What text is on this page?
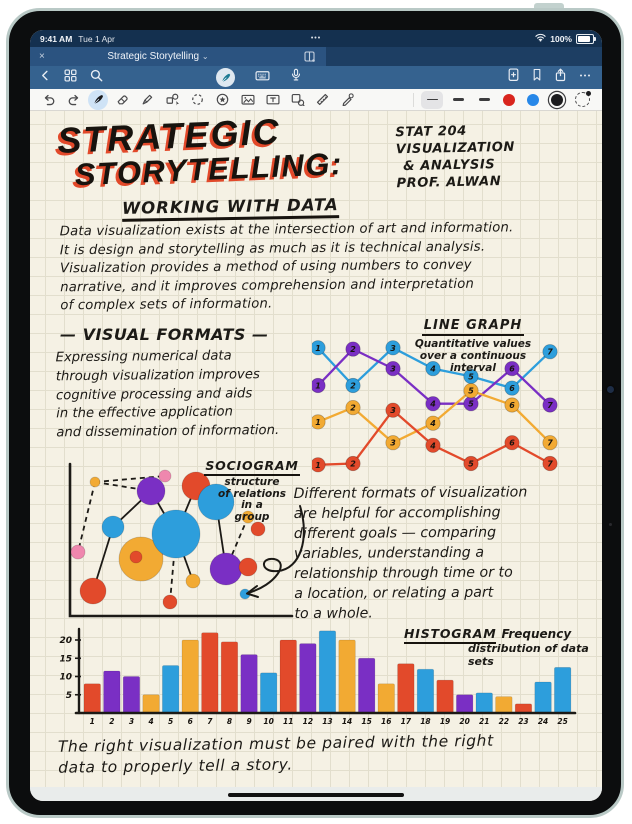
9:41 AM Tue 1 Apr	•••	100%
×	Strategic Storytelling ⌄
STRATEGIC
STORYTELLING:
WORKING WITH DATA
STAT 204
VISUALIZATION
& ANALYSIS
PROF. ALWAN
Data visualization exists at the intersection of art and information.
It is design and storytelling as much as it is technical analysis.
Visualization provides a method of using numbers to convey
narrative, and it improves comprehension and interpretation
of complex sets of information.
— VISUAL FORMATS —
Expressing numerical data
through visualization improves
cognitive processing and aids
in the effective application
and dissemination of information.
LINE GRAPH
Quantitative values
over a continuous
interval
1
2
3
4
5
6
7
1
2
3
4	5
6
7
1
2
3
4
5
6
7
1	2
3
4
5
6
7
SOCIOGRAM
structure
of relations
in a
group
Different formats of visualization
are helpful for accomplishing
different goals — comparing
variables, understanding a
relationship through time or to
a location, or relating a part
to a whole.
HISTOGRAM Frequency
distribution of data sets
5
10
15
20
1 2 3 4 5 6 7 8 9 10 11 12 13 14 15 16 17 18 19 20 21 22 23 24 25
The right visualization must be paired with the right
data to properly tell a story.
